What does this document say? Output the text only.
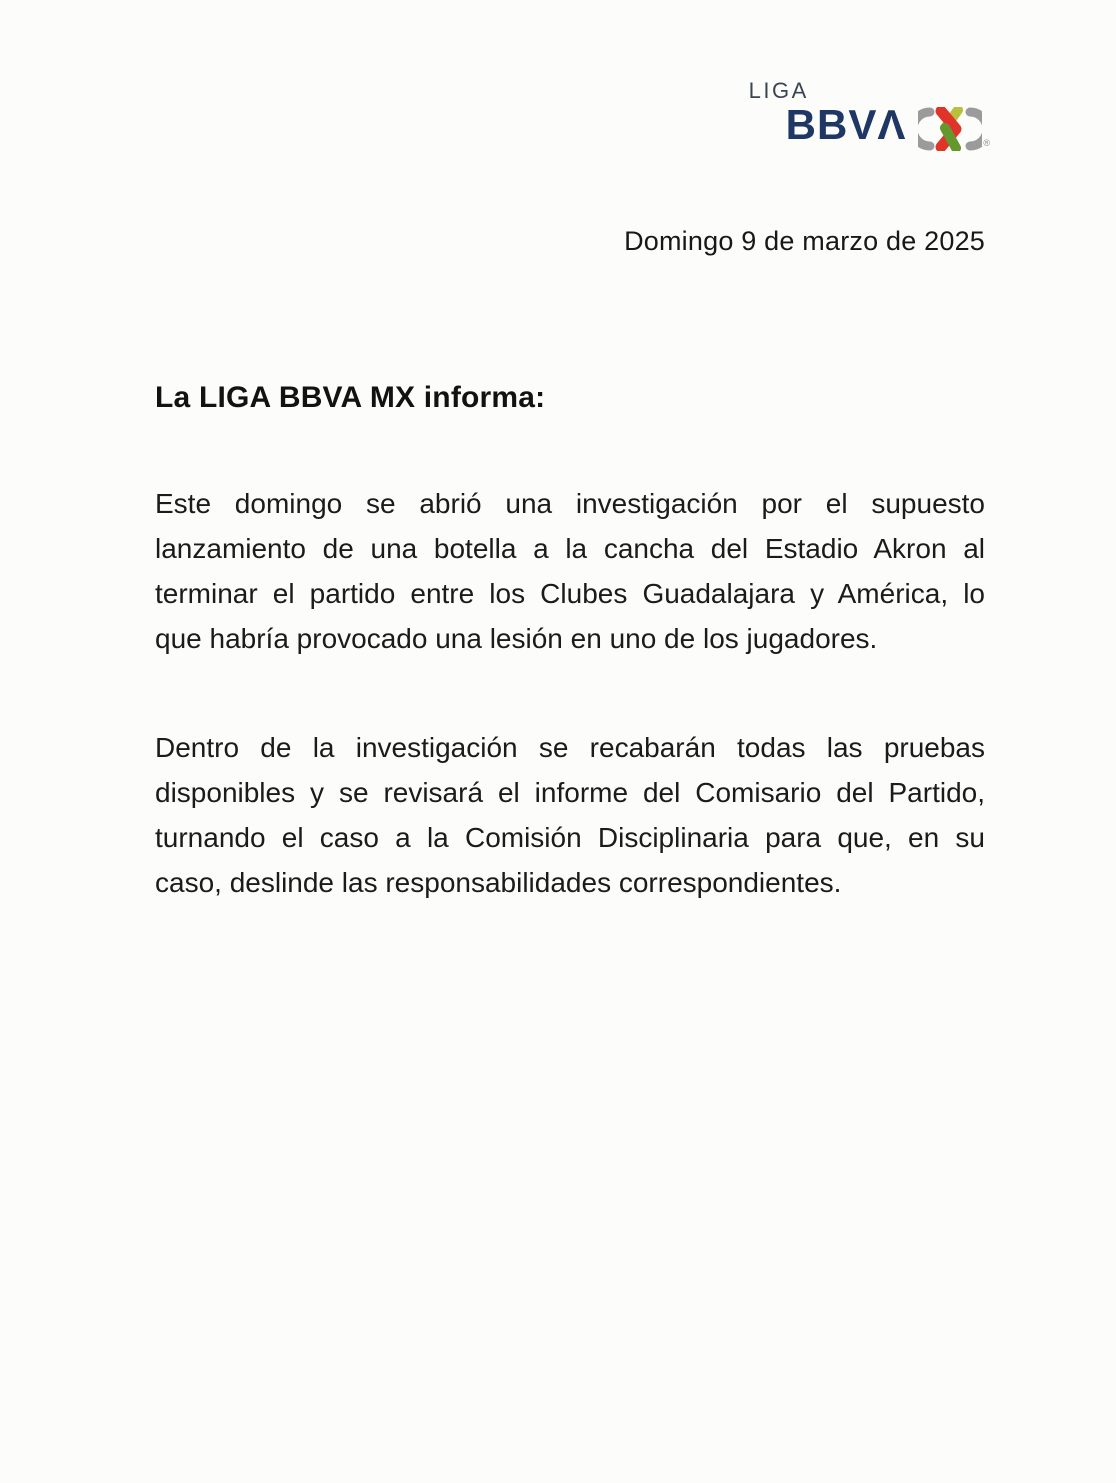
LIGA
BBVΛ	®
Domingo 9 de marzo de 2025
La LIGA BBVA MX informa:
Este domingo se abrió una investigación por el supuesto
lanzamiento de una botella a la cancha del Estadio Akron al
terminar el partido entre los Clubes Guadalajara y América, lo
que habría provocado una lesión en uno de los jugadores.
Dentro de la investigación se recabarán todas las pruebas
disponibles y se revisará el informe del Comisario del Partido,
turnando el caso a la Comisión Disciplinaria para que, en su
caso, deslinde las responsabilidades correspondientes.
